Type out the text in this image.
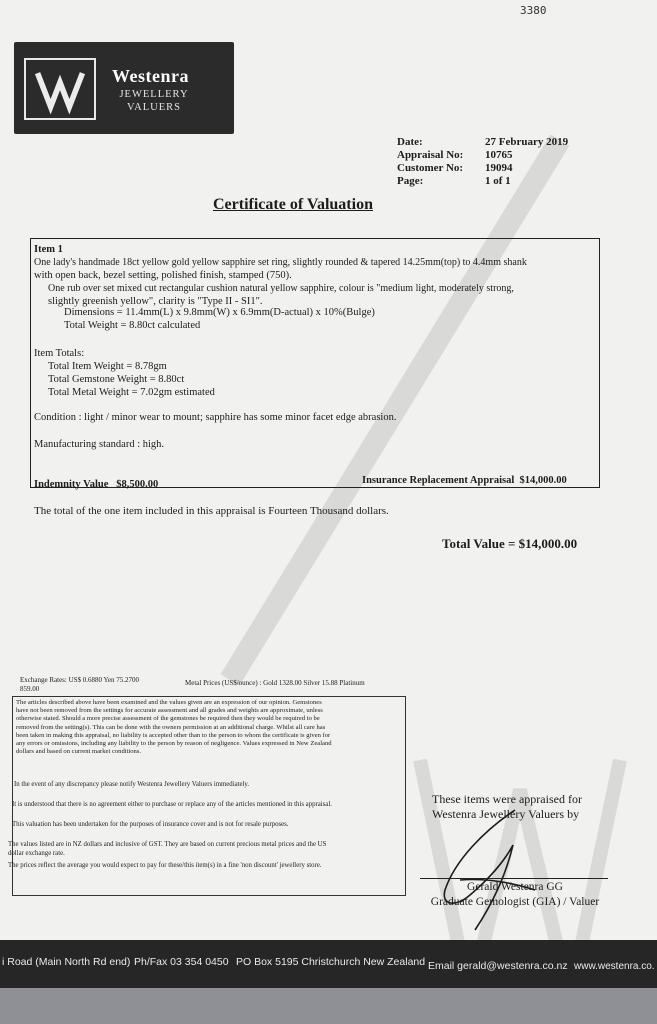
3380
Westenra
JEWELLERY
VALUERS
Date:	27 February 2019
Appraisal No:	10765
Customer No:	19094
Page:	1 of 1
Certificate of Valuation
Item 1
One lady's handmade 18ct yellow gold yellow sapphire set ring, slightly rounded & tapered 14.25mm(top) to 4.4mm shank
with open back, bezel setting, polished finish, stamped (750).
One rub over set mixed cut rectangular cushion natural yellow sapphire, colour is "medium light, moderately strong,
slightly greenish yellow", clarity is "Type II - SI1".
Dimensions = 11.4mm(L) x 9.8mm(W) x 6.9mm(D-actual) x 10%(Bulge)
Total Weight = 8.80ct calculated
Item Totals:
Total Item Weight = 8.78gm
Total Gemstone Weight = 8.80ct
Total Metal Weight = 7.02gm estimated
Condition : light / minor wear to mount; sapphire has some minor facet edge abrasion.
Manufacturing standard : high.
Indemnity Value $8,500.00	Insurance Replacement Appraisal $14,000.00
The total of the one item included in this appraisal is Fourteen Thousand dollars.
Total Value = $14,000.00
Exchange Rates: US$ 0.6880 Yen 75.2700
859.00
Metal Prices (US$/ounce) : Gold 1328.00 Silver 15.88 Platinum
The articles described above have been examined and the values given are an expression of our opinion. Gemstones
have not been removed from the settings for accurate assessment and all grades and weights are approximate, unless
otherwise stated. Should a more precise assessment of the gemstones be required then they would be required to be
removed from the setting(s). This can be done with the owners permission at an additional charge. Whilst all care has
been taken in making this appraisal, no liability is accepted other than to the person to whom the certificate is given for
any errors or omissions, including any liability to the person by reason of negligence. Values expressed in New Zealand
dollars and based on current market conditions.
In the event of any discrepancy please notify Westenra Jewellery Valuers immediately.
It is understood that there is no agreement either to purchase or replace any of the articles mentioned in this appraisal.
This valuation has been undertaken for the purposes of insurance cover and is not for resale purposes.
The values listed are in NZ dollars and inclusive of GST. They are based on current precious metal prices and the US
dollar exchange rate.
The prices reflect the average you would expect to pay for these/this item(s) in a fine 'non discount' jewellery store.
These items were appraised for
Westenra Jewellery Valuers by
Gerald Westenra GG
Graduate Gemologist (GIA) / Valuer
i Road (Main North Rd end) Ph/Fax 03 354 0450 PO Box 5195 Christchurch New Zealand Email gerald@westenra.co.nz www.westenra.co.
